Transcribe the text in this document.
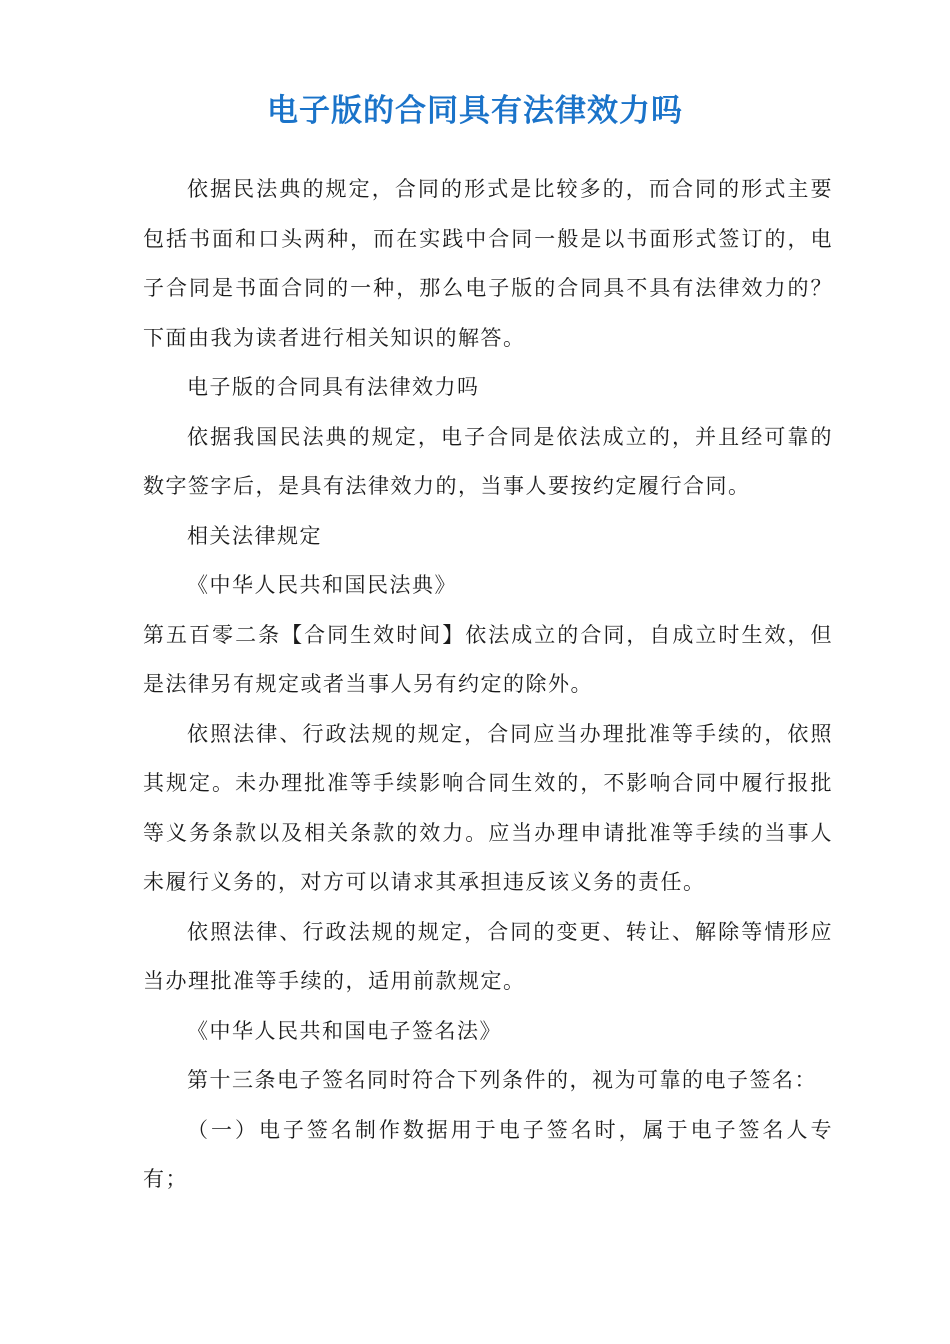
电子版的合同具有法律效力吗

依据民法典的规定，合同的形式是比较多的，而合同的形式主要包括书面和口头两种，而在实践中合同一般是以书面形式签订的，电子合同是书面合同的一种，那么电子版的合同具不具有法律效力的？下面由我为读者进行相关知识的解答。

电子版的合同具有法律效力吗

依据我国民法典的规定，电子合同是依法成立的，并且经可靠的数字签字后，是具有法律效力的，当事人要按约定履行合同。

相关法律规定

《中华人民共和国民法典》

第五百零二条【合同生效时间】依法成立的合同，自成立时生效，但是法律另有规定或者当事人另有约定的除外。

依照法律、行政法规的规定，合同应当办理批准等手续的，依照其规定。未办理批准等手续影响合同生效的，不影响合同中履行报批等义务条款以及相关条款的效力。应当办理申请批准等手续的当事人未履行义务的，对方可以请求其承担违反该义务的责任。

依照法律、行政法规的规定，合同的变更、转让、解除等情形应当办理批准等手续的，适用前款规定。

《中华人民共和国电子签名法》

第十三条电子签名同时符合下列条件的，视为可靠的电子签名：

（一）电子签名制作数据用于电子签名时，属于电子签名人专有；
